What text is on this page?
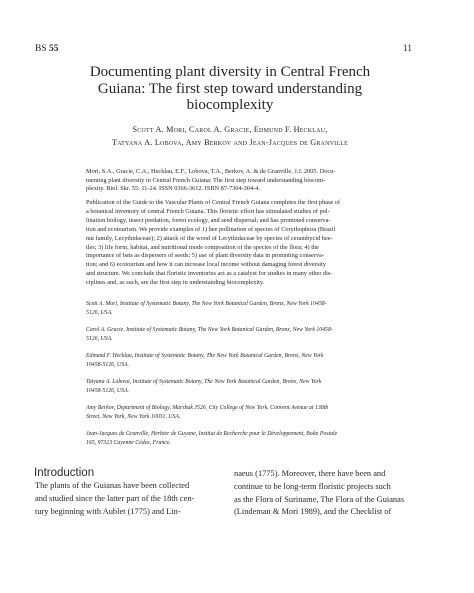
BS 55	11
Documenting plant diversity in Central French
Guiana: The first step toward understanding
biocomplexity
Scott A. Mori, Carol A. Gracie, Edmund F. Hecklau,
Tatyana A. Lobova, Amy Berkov and Jean-Jacques de Granville
Mori, S.A., Gracie, C.A., Hecklau, E.F., Lobova, T.A., Berkov, A. & de Granville, J.J. 2005. Docu-
menting plant diversity in Central French Guiana: The first step toward understanding biocom-
plexity. Biol. Skr. 55: 11-24. ISSN 0366-3612. ISBN 87-7304-304-4.
Publication of the Guide to the Vascular Plants of Central French Guiana completes the first phase of
a botanical inventory of central French Guiana. This floristic effort has stimulated studies of pol-
lination biology, insect predation, forest ecology, and seed dispersal; and has promoted conserva-
tion and ecotourism. We provide examples of 1) bee pollination of species of Corythophora (Brazil
nut family, Lecythidaceae); 2) attack of the wood of Lecythidaceae by species of cerambycid bee-
tles; 3) life form, habitat, and nutritional mode composition of the species of the flora; 4) the
importance of bats as dispersers of seeds; 5) use of plant diversity data in promoting conserva-
tion; and 6) ecotourism and how it can increase local income without damaging forest diversity
and structure. We conclude that floristic inventories act as a catalyst for studies in many other dis-
ciplines and, as such, are the first step in understanding biocomplexity.
Scott A. Mori, Institute of Systematic Botany, The New York Botanical Garden, Bronx, New York 10458-
5126, USA.
Carol A. Gracie, Institute of Systematic Botany, The New York Botanical Garden, Bronx, New York 10458-
5126, USA.
Edmund F. Hecklau, Institute of Systematic Botany, The New York Botanical Garden, Bronx, New York
10458-5126, USA.
Tatyana A. Lobova, Institute of Systematic Botany, The New York Botanical Garden, Bronx, New York
10458-5126, USA.
Amy Berkov, Department of Biology, Marshak J526, City College of New York, Convent Avenue at 138th
Street, New York, New York 10031, USA.
Jean-Jacques de Granville, Herbier de Guyane, Institut de Recherche pour le Développement, Boîte Postale
165, 97323 Cayenne Cédex, France.
Introduction
The plants of the Guianas have been collected
and studied since the latter part of the 18th cen-
tury beginning with Aublet (1775) and Lin-
naeus (1775). Moreover, there have been and
continue to be long-term floristic projects such
as the Flora of Suriname, The Flora of the Guianas
(Lindeman & Mori 1989), and the Checklist of
